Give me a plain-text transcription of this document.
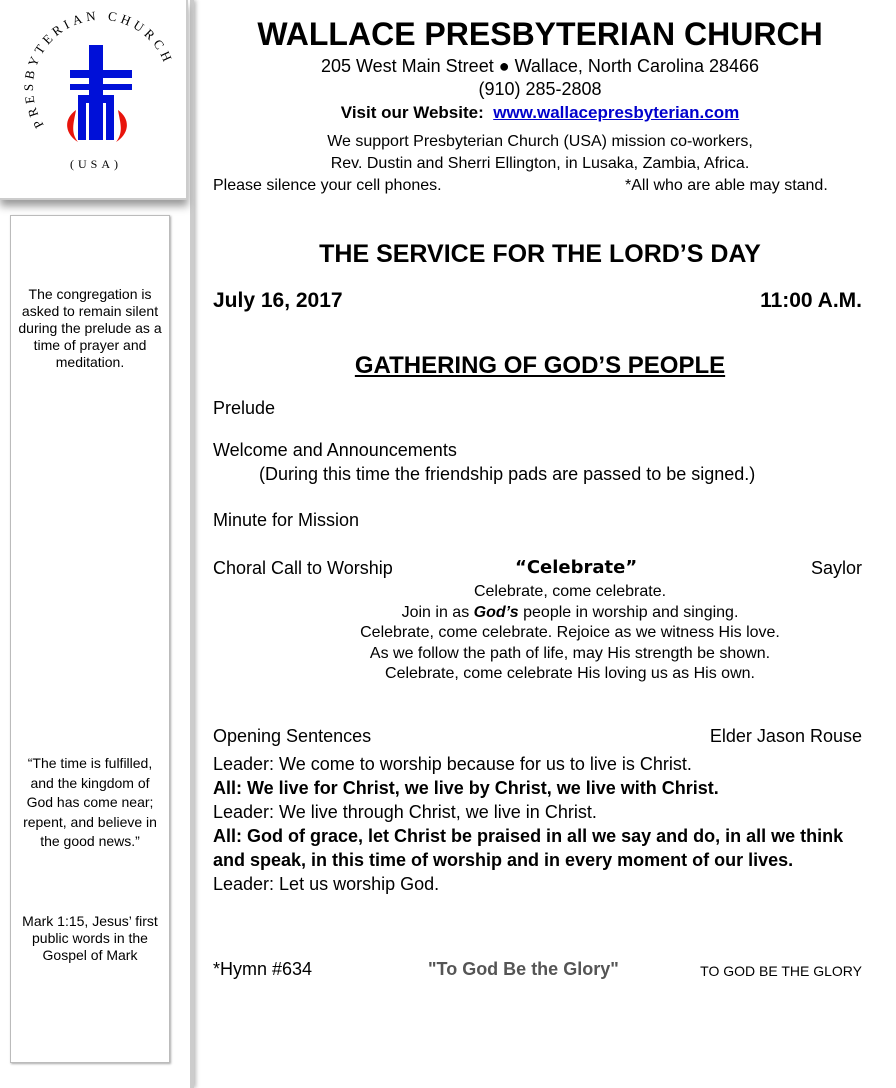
PRESBYTERIAN CHURCH
(USA)
The congregation is asked to remain silent during the prelude as a time of prayer and meditation.
“The time is fulfilled, and the kingdom of God has come near; repent, and believe in the good news.”
Mark 1:15, Jesus’ first public words in the Gospel of Mark
WALLACE PRESBYTERIAN CHURCH
205 West Main Street ● Wallace, North Carolina 28466
(910) 285-2808
Visit our Website: www.wallacepresbyterian.com
We support Presbyterian Church (USA) mission co-workers,
Rev. Dustin and Sherri Ellington, in Lusaka, Zambia, Africa.
Please silence your cell phones.	*All who are able may stand.
THE SERVICE FOR THE LORD’S DAY
July 16, 2017	11:00 A.M.
GATHERING OF GOD’S PEOPLE
Prelude
Welcome and Announcements
(During this time the friendship pads are passed to be signed.)
Minute for Mission
Choral Call to Worship	“Celebrate”	Saylor
Celebrate, come celebrate.
Join in as God’s people in worship and singing.
Celebrate, come celebrate. Rejoice as we witness His love.
As we follow the path of life, may His strength be shown.
Celebrate, come celebrate His loving us as His own.
Opening Sentences	Elder Jason Rouse
Leader: We come to worship because for us to live is Christ.
All: We live for Christ, we live by Christ, we live with Christ.
Leader: We live through Christ, we live in Christ.
All: God of grace, let Christ be praised in all we say and do, in all we think and speak, in this time of worship and in every moment of our lives.
Leader: Let us worship God.
*Hymn #634	"To God Be the Glory"	TO GOD BE THE GLORY
